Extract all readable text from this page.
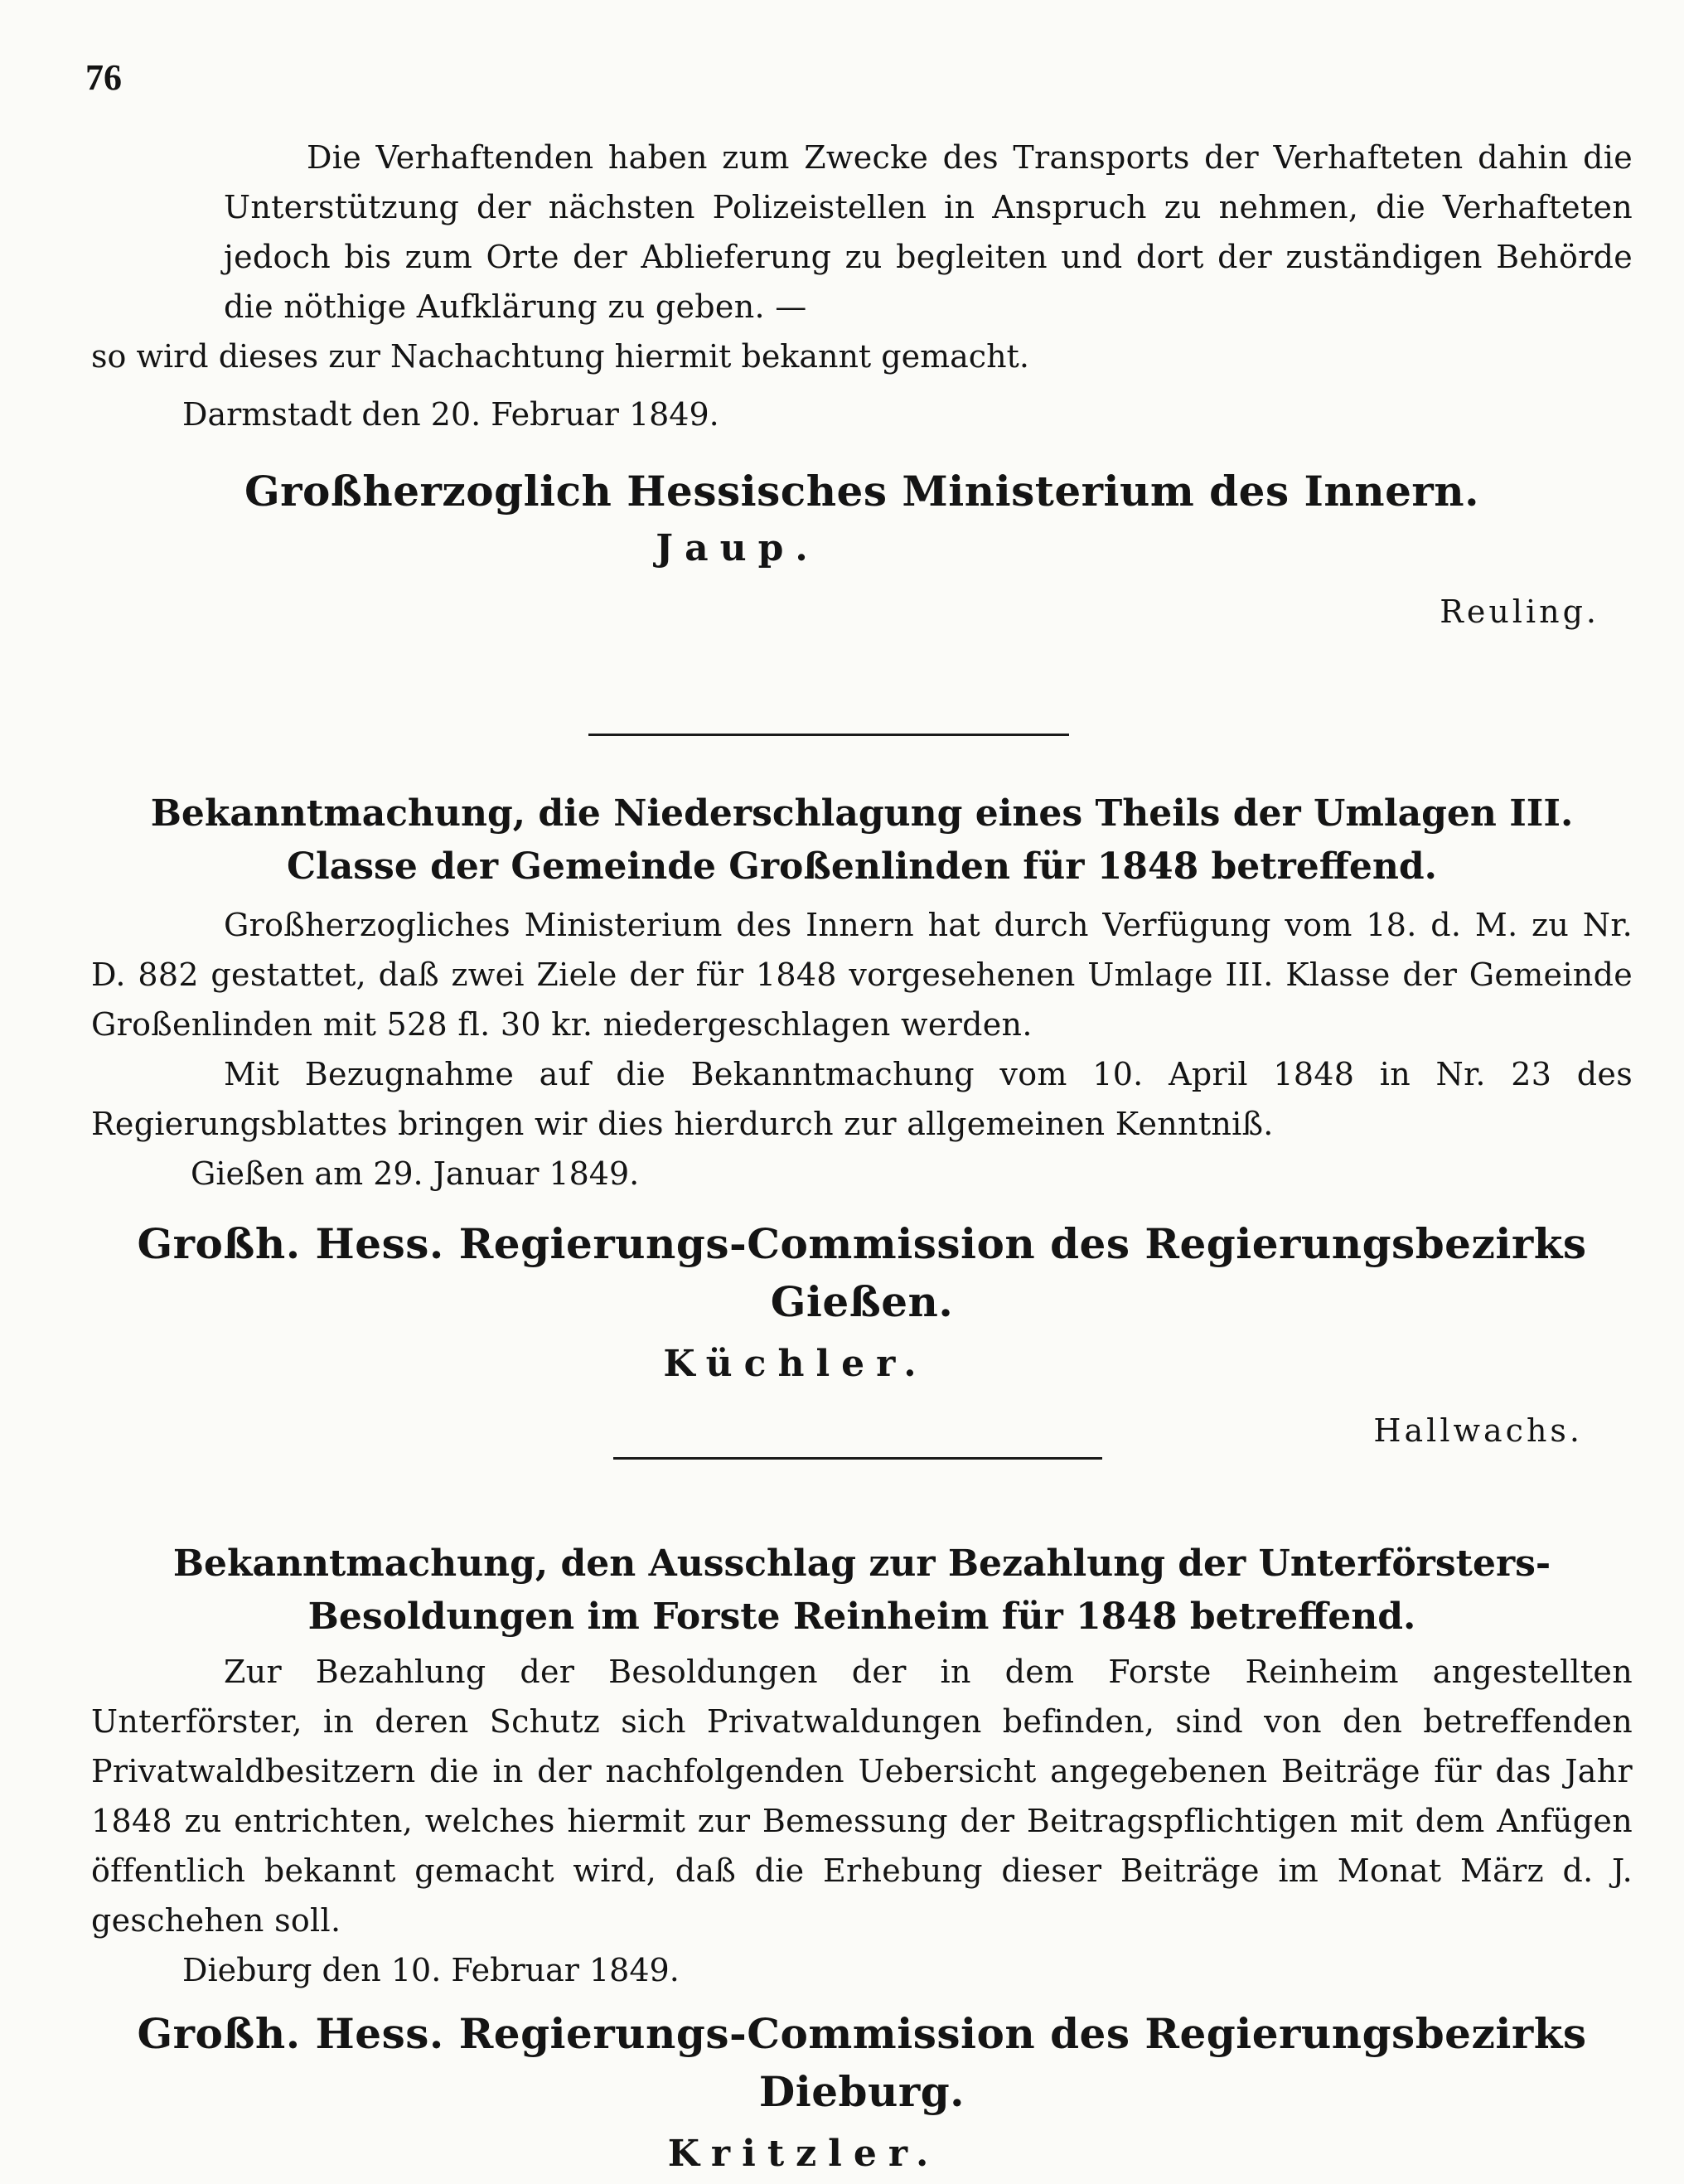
76

Die Verhaftenden haben zum Zwecke des Transports der Verhafteten dahin die Unterstützung der nächsten Polizeistellen in Anspruch zu nehmen, die Verhafteten jedoch bis zum Orte der Ablieferung zu begleiten und dort der zuständigen Behörde die nöthige Aufklärung zu geben. —

so wird dieses zur Nachachtung hiermit bekannt gemacht.

Darmstadt den 20. Februar 1849.

Großherzoglich Hessisches Ministerium des Innern.

Jaup.

Reuling.

Bekanntmachung, die Niederschlagung eines Theils der Umlagen III. Classe der Gemeinde Großenlinden für 1848 betreffend.

Großherzogliches Ministerium des Innern hat durch Verfügung vom 18. d. M. zu Nr. D. 882 gestattet, daß zwei Ziele der für 1848 vorgesehenen Umlage III. Klasse der Gemeinde Großenlinden mit 528 fl. 30 kr. niedergeschlagen werden.

Mit Bezugnahme auf die Bekanntmachung vom 10. April 1848 in Nr. 23 des Regierungsblattes bringen wir dies hierdurch zur allgemeinen Kenntniß.

Gießen am 29. Januar 1849.

Großh. Hess. Regierungs-Commission des Regierungsbezirks Gießen.

Küchler.

Hallwachs.

Bekanntmachung, den Ausschlag zur Bezahlung der Unterförsters-Besoldungen im Forste Reinheim für 1848 betreffend.

Zur Bezahlung der Besoldungen der in dem Forste Reinheim angestellten Unterförster, in deren Schutz sich Privatwaldungen befinden, sind von den betreffenden Privatwaldbesitzern die in der nachfolgenden Uebersicht angegebenen Beiträge für das Jahr 1848 zu entrichten, welches hiermit zur Bemessung der Beitragspflichtigen mit dem Anfügen öffentlich bekannt gemacht wird, daß die Erhebung dieser Beiträge im Monat März d. J. geschehen soll.

Dieburg den 10. Februar 1849.

Großh. Hess. Regierungs-Commission des Regierungsbezirks Dieburg.

Kritzler.
